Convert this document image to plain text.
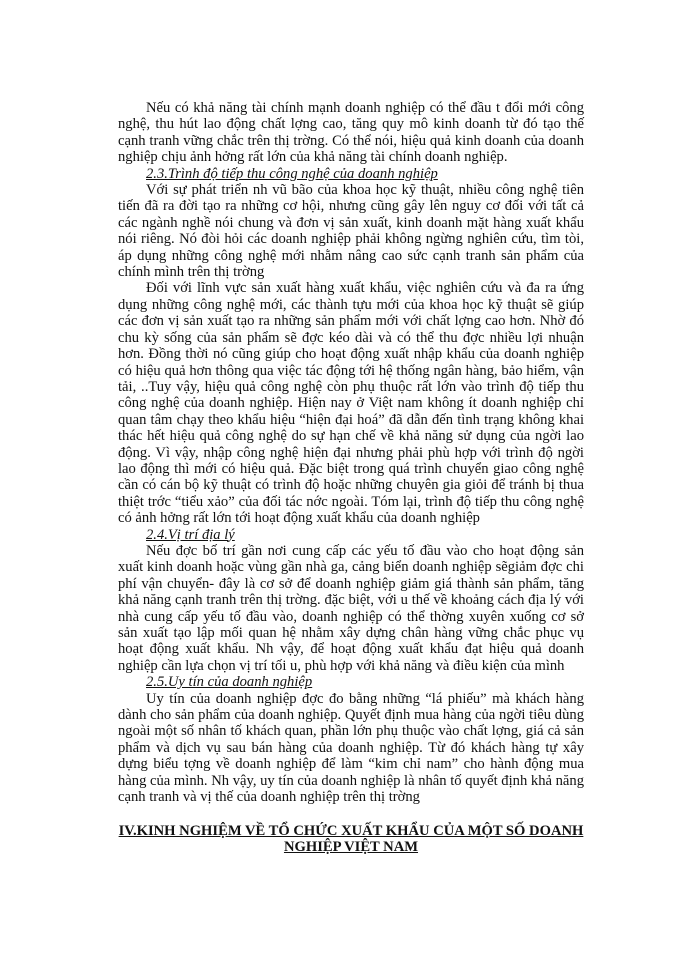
Nếu có khả năng tài chính mạnh doanh nghiệp có thể đầu t đổi mới công nghệ, thu hút lao động chất lợng cao, tăng quy mô kinh doanh từ đó tạo thế cạnh tranh vững chắc trên thị trờng. Có thể nói, hiệu quả kinh doanh của doanh nghiệp chịu ảnh hởng rất lớn của khả năng tài chính doanh nghiệp.

2.3.Trình độ tiếp thu công nghệ của doanh nghiệp

Với sự phát triển nh vũ bão của khoa học kỹ thuật, nhiều công nghệ tiên tiến đã ra đời tạo ra những cơ hội, nhưng cũng gây lên nguy cơ đối với tất cả các ngành nghề nói chung và đơn vị sản xuất, kinh doanh mặt hàng xuất khẩu nói riêng. Nó đòi hỏi các doanh nghiệp phải không ngừng nghiên cứu, tìm tòi, áp dụng những công nghệ mới nhằm nâng cao sức cạnh tranh sản phẩm của chính mình trên thị trờng

Đối với lĩnh vực sản xuất hàng xuất khẩu, việc nghiên cứu và đa ra ứng dụng những công nghệ mới, các thành tựu mới của khoa học kỹ thuật sẽ giúp các đơn vị sản xuất tạo ra những sản phẩm mới với chất lợng cao hơn. Nhờ đó chu kỳ sống của sản phẩm sẽ đợc kéo dài và có thể thu đợc nhiều lợi nhuận hơn. Đồng thời nó cũng giúp cho hoạt động xuất nhập khẩu của doanh nghiệp có hiệu quả hơn thông qua việc tác động tới hệ thống ngân hàng, bảo hiểm, vận tải, ..Tuy vậy, hiệu quả công nghệ còn phụ thuộc rất lớn vào trình độ tiếp thu công nghệ của doanh nghiệp. Hiện nay ở Việt nam không ít doanh nghiệp chỉ quan tâm chạy theo khẩu hiệu “hiện đại hoá” đã dẫn đến tình trạng không khai thác hết hiệu quả công nghệ do sự hạn chế về khả năng sử dụng của ngời lao động. Vì vậy, nhập công nghệ hiện đại nhưng phải phù hợp với trình độ ngời lao động thì mới có hiệu quả. Đặc biệt trong quá trình chuyển giao công nghệ cần có cán bộ kỹ thuật có trình độ hoặc những chuyên gia giỏi để tránh bị thua thiệt trớc “tiểu xảo” của đối tác nớc ngoài. Tóm lại, trình độ tiếp thu công nghệ có ảnh hởng rất lớn tới hoạt động xuất khẩu của doanh nghiệp

2.4.Vị trí địa lý

Nếu đợc bố trí gần nơi cung cấp các yếu tố đầu vào cho hoạt động sản xuất kinh doanh hoặc vùng gần nhà ga, cảng biển doanh nghiệp sẽgiảm đợc chi phí vận chuyển- đây là cơ sở để doanh nghiệp giảm giá thành sản phẩm, tăng khả năng cạnh tranh trên thị trờng. đặc biệt, với u thế về khoảng cách địa lý với nhà cung cấp yếu tố đầu vào, doanh nghiệp có thể thờng xuyên xuống cơ sở sản xuất tạo lập mối quan hệ nhằm xây dựng chân hàng vững chắc phục vụ hoạt động xuất khẩu. Nh vậy, để hoạt động xuất khẩu đạt hiệu quả doanh nghiệp cần lựa chọn vị trí tối u, phù hợp với khả năng và điều kiện của mình

2.5.Uy tín của doanh nghiệp

Uy tín của doanh nghiệp đợc đo bằng những “lá phiếu” mà khách hàng dành cho sản phẩm của doanh nghiệp. Quyết định mua hàng của ngời tiêu dùng ngoài một số nhân tố khách quan, phần lớn phụ thuộc vào chất lợng, giá cả sản phẩm và dịch vụ sau bán hàng của doanh nghiệp. Từ đó khách hàng tự xây dựng biểu tợng về doanh nghiệp để làm “kim chỉ nam” cho hành động mua hàng của mình. Nh vậy, uy tín của doanh nghiệp là nhân tố quyết định khả năng cạnh tranh và vị thế của doanh nghiệp trên thị trờng

IV.KINH NGHIỆM VỀ TỔ CHỨC XUẤT KHẨU CỦA MỘT SỐ DOANH NGHIỆP VIỆT NAM
